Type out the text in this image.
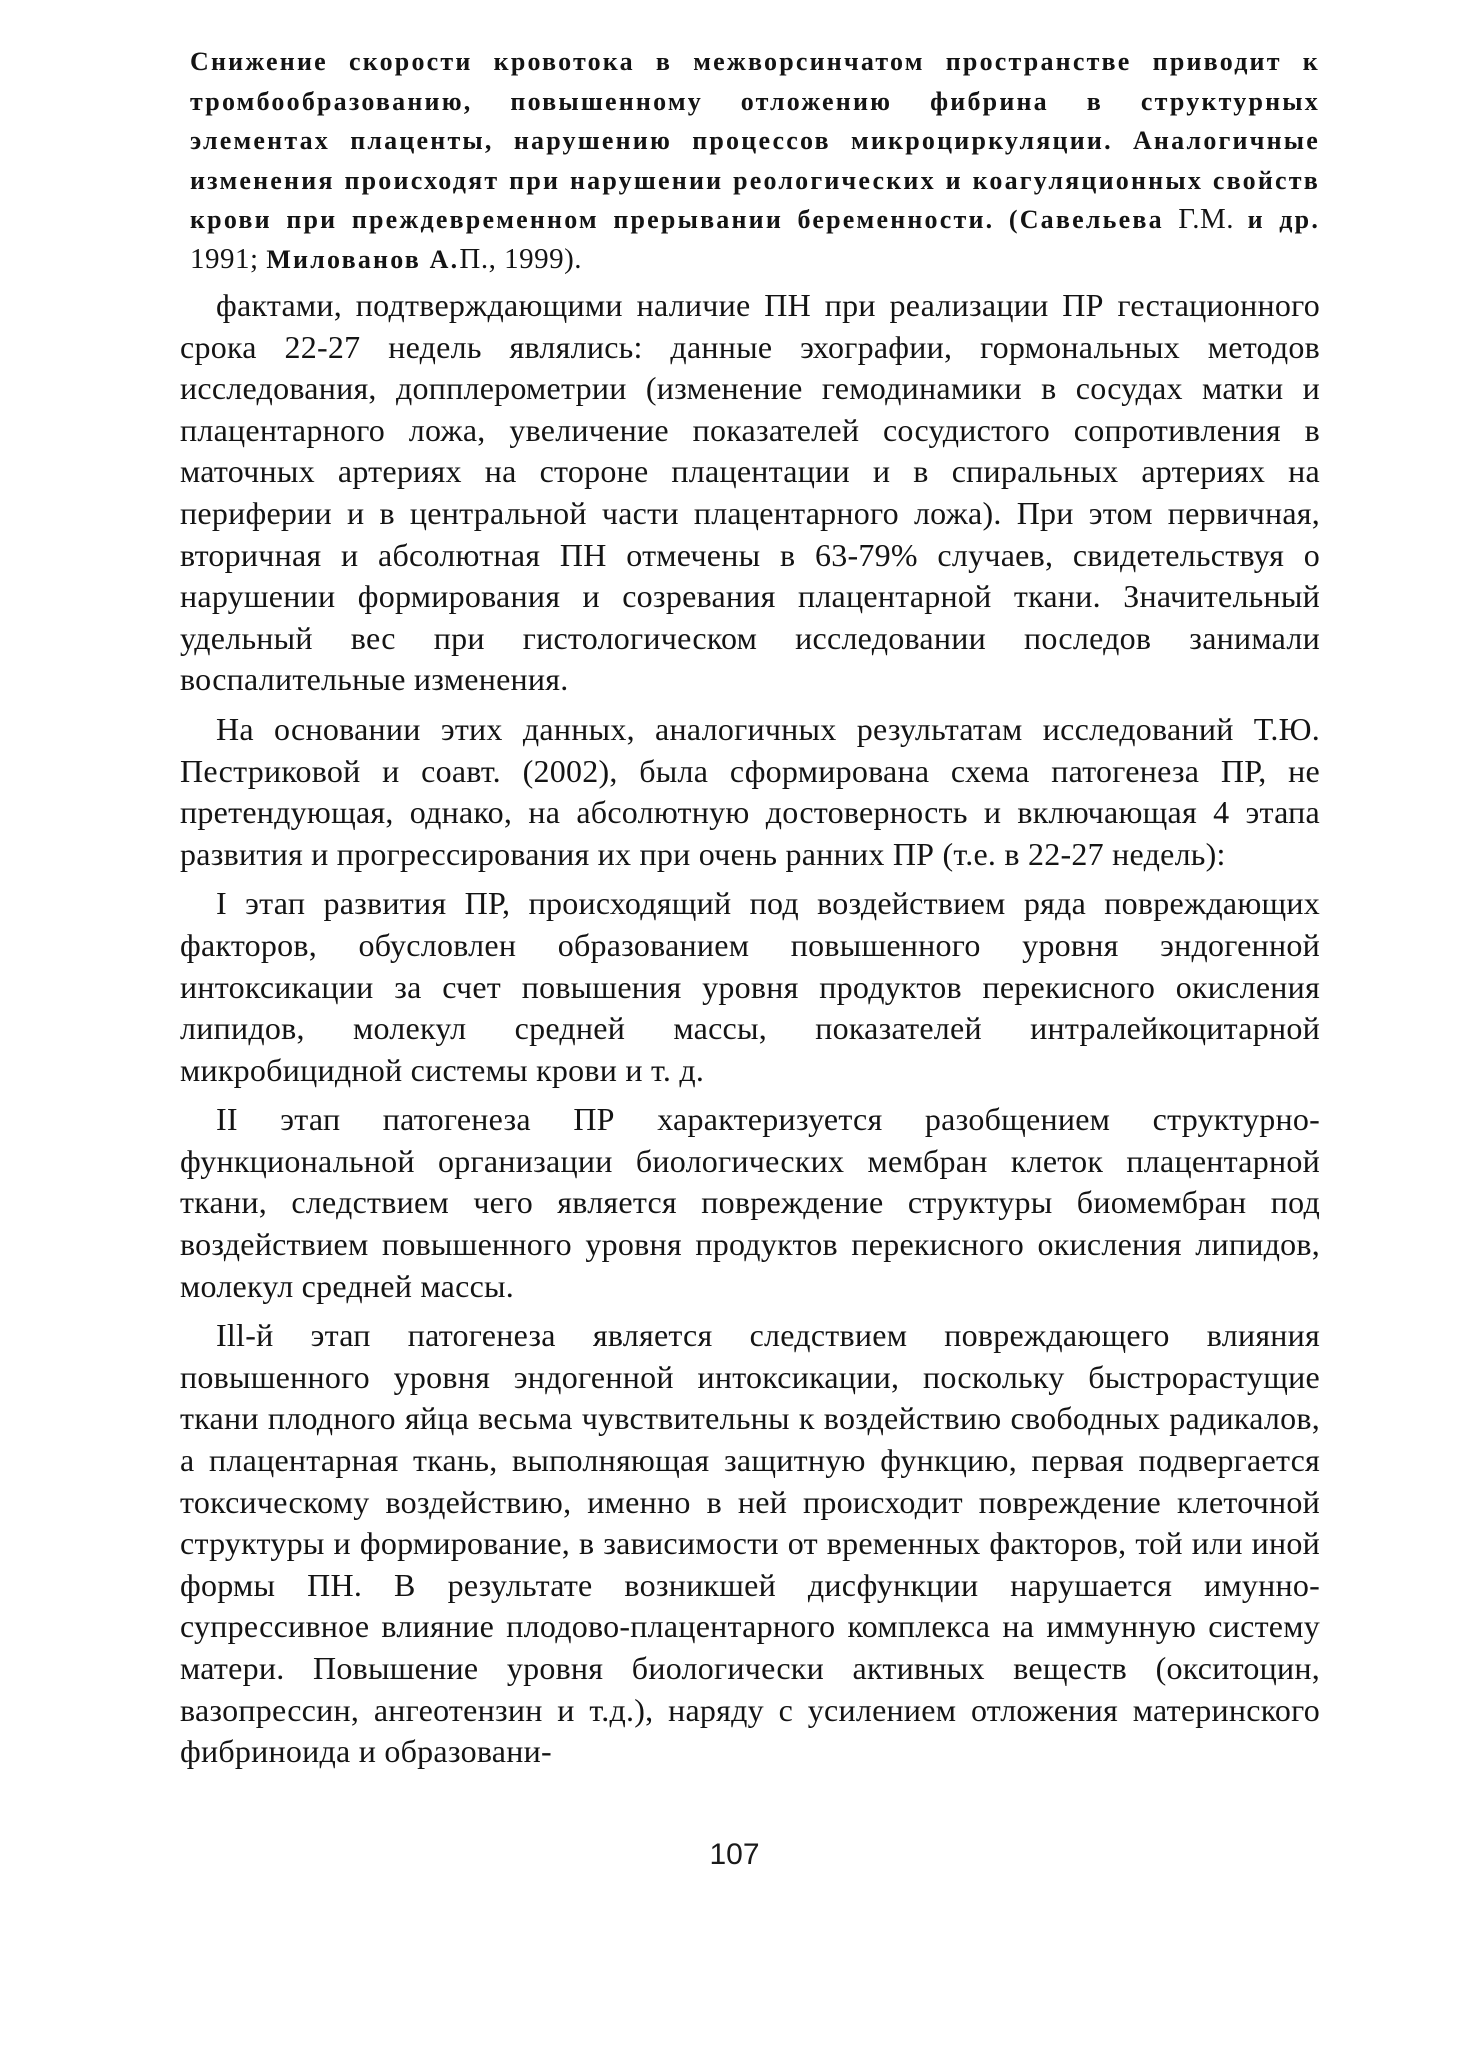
Снижение скорости кровотока в межворсинчатом пространстве приводит к тромбообразованию, повышенному отложению фибрина в структурных элементах плаценты, нарушению процессов микроциркуляции. Аналогичные изменения происходят при нарушении реологических и коагуляционных свойств крови при преждевременном прерывании беременности. (Савельева Г.М. и др. 1991; Милованов А.П., 1999).

фактами, подтверждающими наличие ПН при реализации ПР гестационного срока 22-27 недель являлись: данные эхографии, гормональных методов исследования, допплерометрии (изменение гемодинамики в сосудах матки и плацентарного ложа, увеличение показателей сосудистого сопротивления в маточных артериях на стороне плацентации и в спиральных артериях на периферии и в центральной части плацентарного ложа). При этом первичная, вторичная и абсолютная ПН отмечены в 63-79% случаев, свидетельствуя о нарушении формирования и созревания плацентарной ткани. Значительный удельный вес при гистологическом исследовании последов занимали воспалительные изменения.

На основании этих данных, аналогичных результатам исследований Т.Ю. Пестриковой и соавт. (2002), была сформирована схема патогенеза ПР, не претендующая, однако, на абсолютную достоверность и включающая 4 этапа развития и прогрессирования их при очень ранних ПР (т.е. в 22-27 недель):

I этап развития ПР, происходящий под воздействием ряда повреждающих факторов, обусловлен образованием повышенного уровня эндогенной интоксикации за счет повышения уровня продуктов перекисного окисления липидов, молекул средней массы, показателей интралейкоцитарной микробицидной системы крови и т. д.

II этап патогенеза ПР характеризуется разобщением структурно- функциональной организации биологических мембран клеток плацентарной ткани, следствием чего является повреждение структуры биомембран под воздействием повышенного уровня продуктов перекисного окисления липидов, молекул средней массы.

Ill-й этап патогенеза является следствием повреждающего влияния повышенного уровня эндогенной интоксикации, поскольку быстрорастущие ткани плодного яйца весьма чувствительны к воздействию свободных радикалов, а плацентарная ткань, выполняющая защитную функцию, первая подвергается токсическому воздействию, именно в ней происходит повреждение клеточной структуры и формирование, в зависимости от временных факторов, той или иной формы ПН. В результате возникшей дисфункции нарушается имунно-супрессивное влияние плодово-плацентарного комплекса на иммунную систему матери. Повышение уровня биологически активных веществ (окситоцин, вазопрессин, ангеотензин и т.д.), наряду с усилением отложения материнского фибриноида и образовани-

107
